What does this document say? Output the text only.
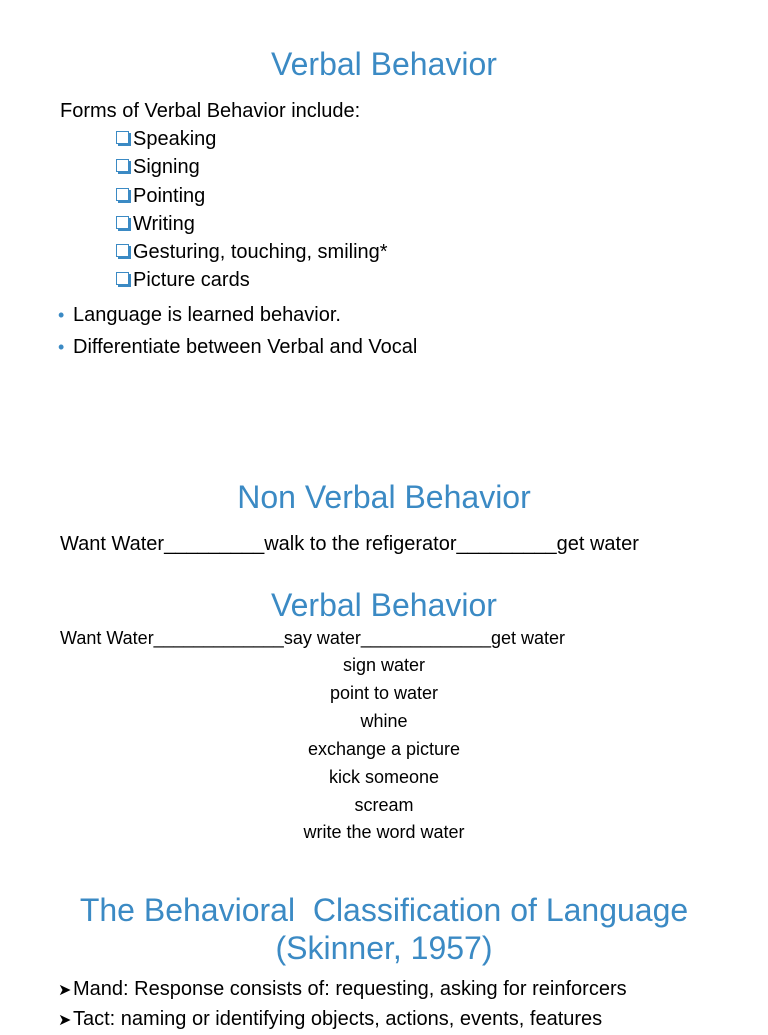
Verbal Behavior
Forms of Verbal Behavior include:
Speaking
Signing
Pointing
Writing
Gesturing, touching, smiling*
Picture cards
• Language is learned behavior.
• Differentiate between Verbal and Vocal
Non Verbal Behavior
Want Water_________walk to the refigerator_________get water
Verbal Behavior
Want Water_____________say water_____________get water
sign water
point to water
whine
exchange a picture
kick someone
scream
write the word water
The Behavioral  Classification of Language
(Skinner, 1957)
➤Mand: Response consists of: requesting, asking for reinforcers
➤Tact: naming or identifying objects, actions, events, features
